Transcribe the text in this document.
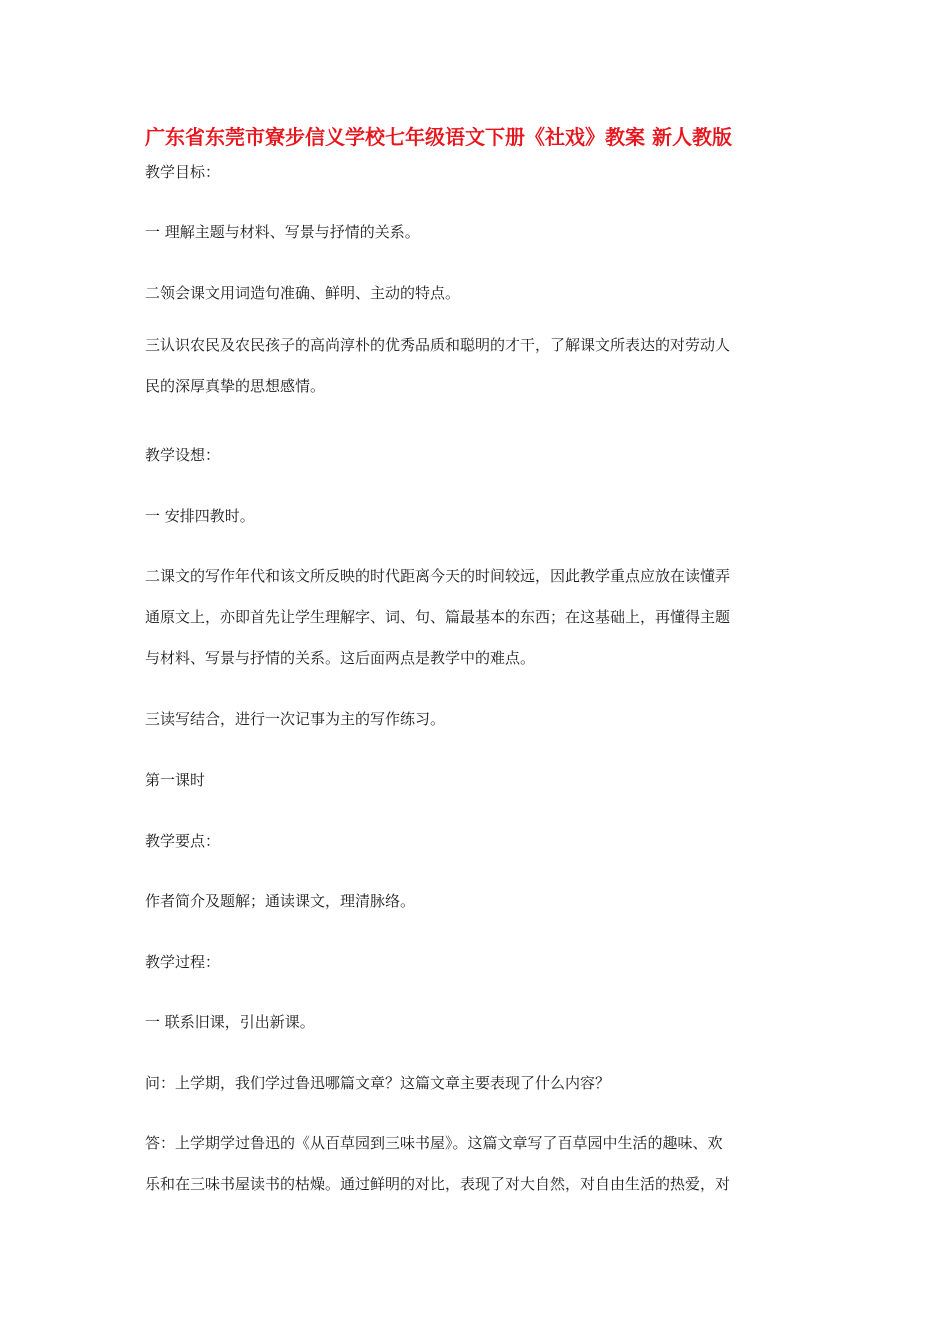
广东省东莞市寮步信义学校七年级语文下册《社戏》教案 新人教版
教学目标：
一 理解主题与材料、写景与抒情的关系。
二领会课文用词造句准确、鲜明、主动的特点。
三认识农民及农民孩子的高尚淳朴的优秀品质和聪明的才干，了解课文所表达的对劳动人
民的深厚真挚的思想感情。
教学设想：
一 安排四教时。
二课文的写作年代和该文所反映的时代距离今天的时间较远，因此教学重点应放在读懂弄
通原文上，亦即首先让学生理解字、词、句、篇最基本的东西；在这基础上，再懂得主题
与材料、写景与抒情的关系。这后面两点是教学中的难点。
三读写结合，进行一次记事为主的写作练习。
第一课时
教学要点：
作者简介及题解；通读课文，理清脉络。
教学过程：
一 联系旧课，引出新课。
问：上学期，我们学过鲁迅哪篇文章？这篇文章主要表现了什么内容？
答：上学期学过鲁迅的《从百草园到三味书屋》。这篇文章写了百草园中生活的趣味、欢
乐和在三味书屋读书的枯燥。通过鲜明的对比，表现了对大自然，对自由生活的热爱，对
